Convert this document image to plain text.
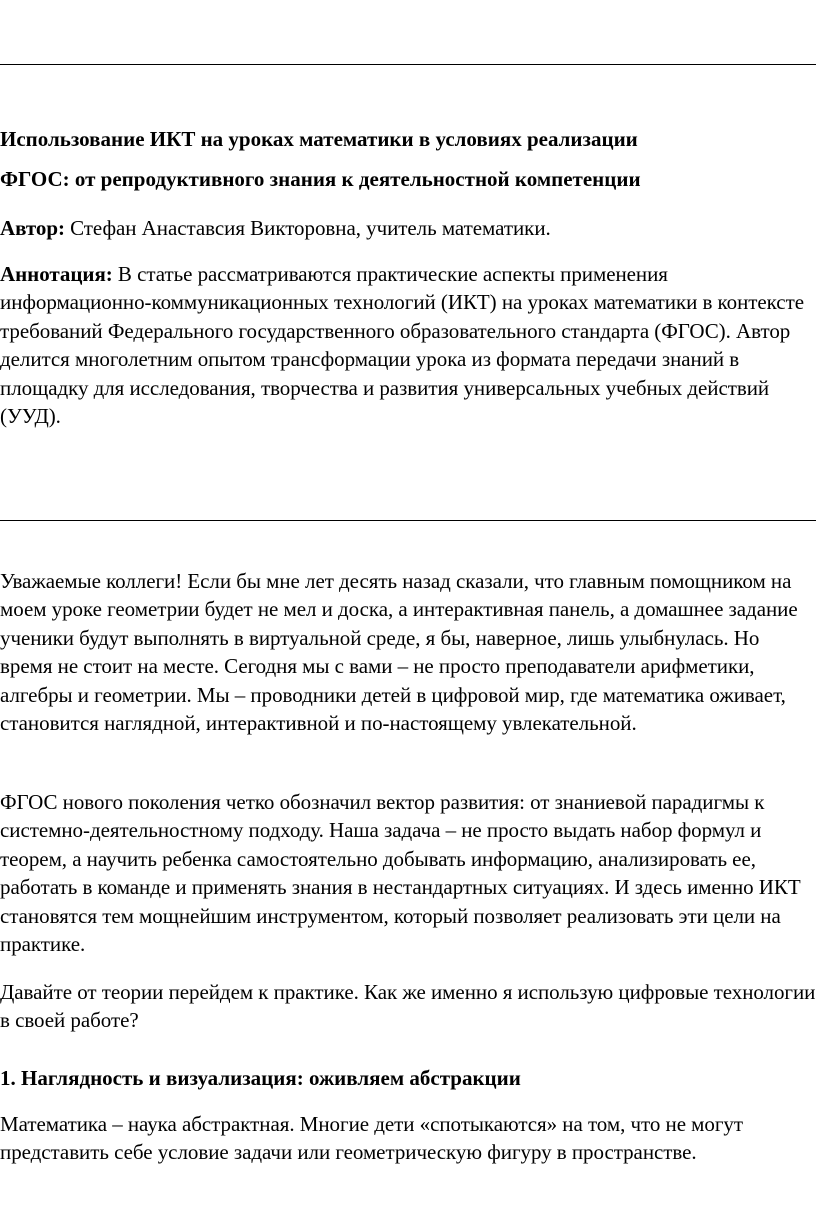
Использование ИКТ на уроках математики в условиях реализации
ФГОС: от репродуктивного знания к деятельностной компетенции

Автор: Стефан Анаставсия Викторовна, учитель математики.

Аннотация: В статье рассматриваются практические аспекты применения информационно-коммуникационных технологий (ИКТ) на уроках математики в контексте требований Федерального государственного образовательного стандарта (ФГОС). Автор делится многолетним опытом трансформации урока из формата передачи знаний в площадку для исследования, творчества и развития универсальных учебных действий (УУД).

Уважаемые коллеги! Если бы мне лет десять назад сказали, что главным помощником на моем уроке геометрии будет не мел и доска, а интерактивная панель, а домашнее задание ученики будут выполнять в виртуальной среде, я бы, наверное, лишь улыбнулась. Но время не стоит на месте. Сегодня мы с вами – не просто преподаватели арифметики, алгебры и геометрии. Мы – проводники детей в цифровой мир, где математика оживает, становится наглядной, интерактивной и по-настоящему увлекательной.

ФГОС нового поколения четко обозначил вектор развития: от знаниевой парадигмы к системно-деятельностному подходу. Наша задача – не просто выдать набор формул и теорем, а научить ребенка самостоятельно добывать информацию, анализировать ее, работать в команде и применять знания в нестандартных ситуациях. И здесь именно ИКТ становятся тем мощнейшим инструментом, который позволяет реализовать эти цели на практике.

Давайте от теории перейдем к практике. Как же именно я использую цифровые технологии в своей работе?

1. Наглядность и визуализация: оживляем абстракции

Математика – наука абстрактная. Многие дети «спотыкаются» на том, что не могут представить себе условие задачи или геометрическую фигуру в пространстве.
